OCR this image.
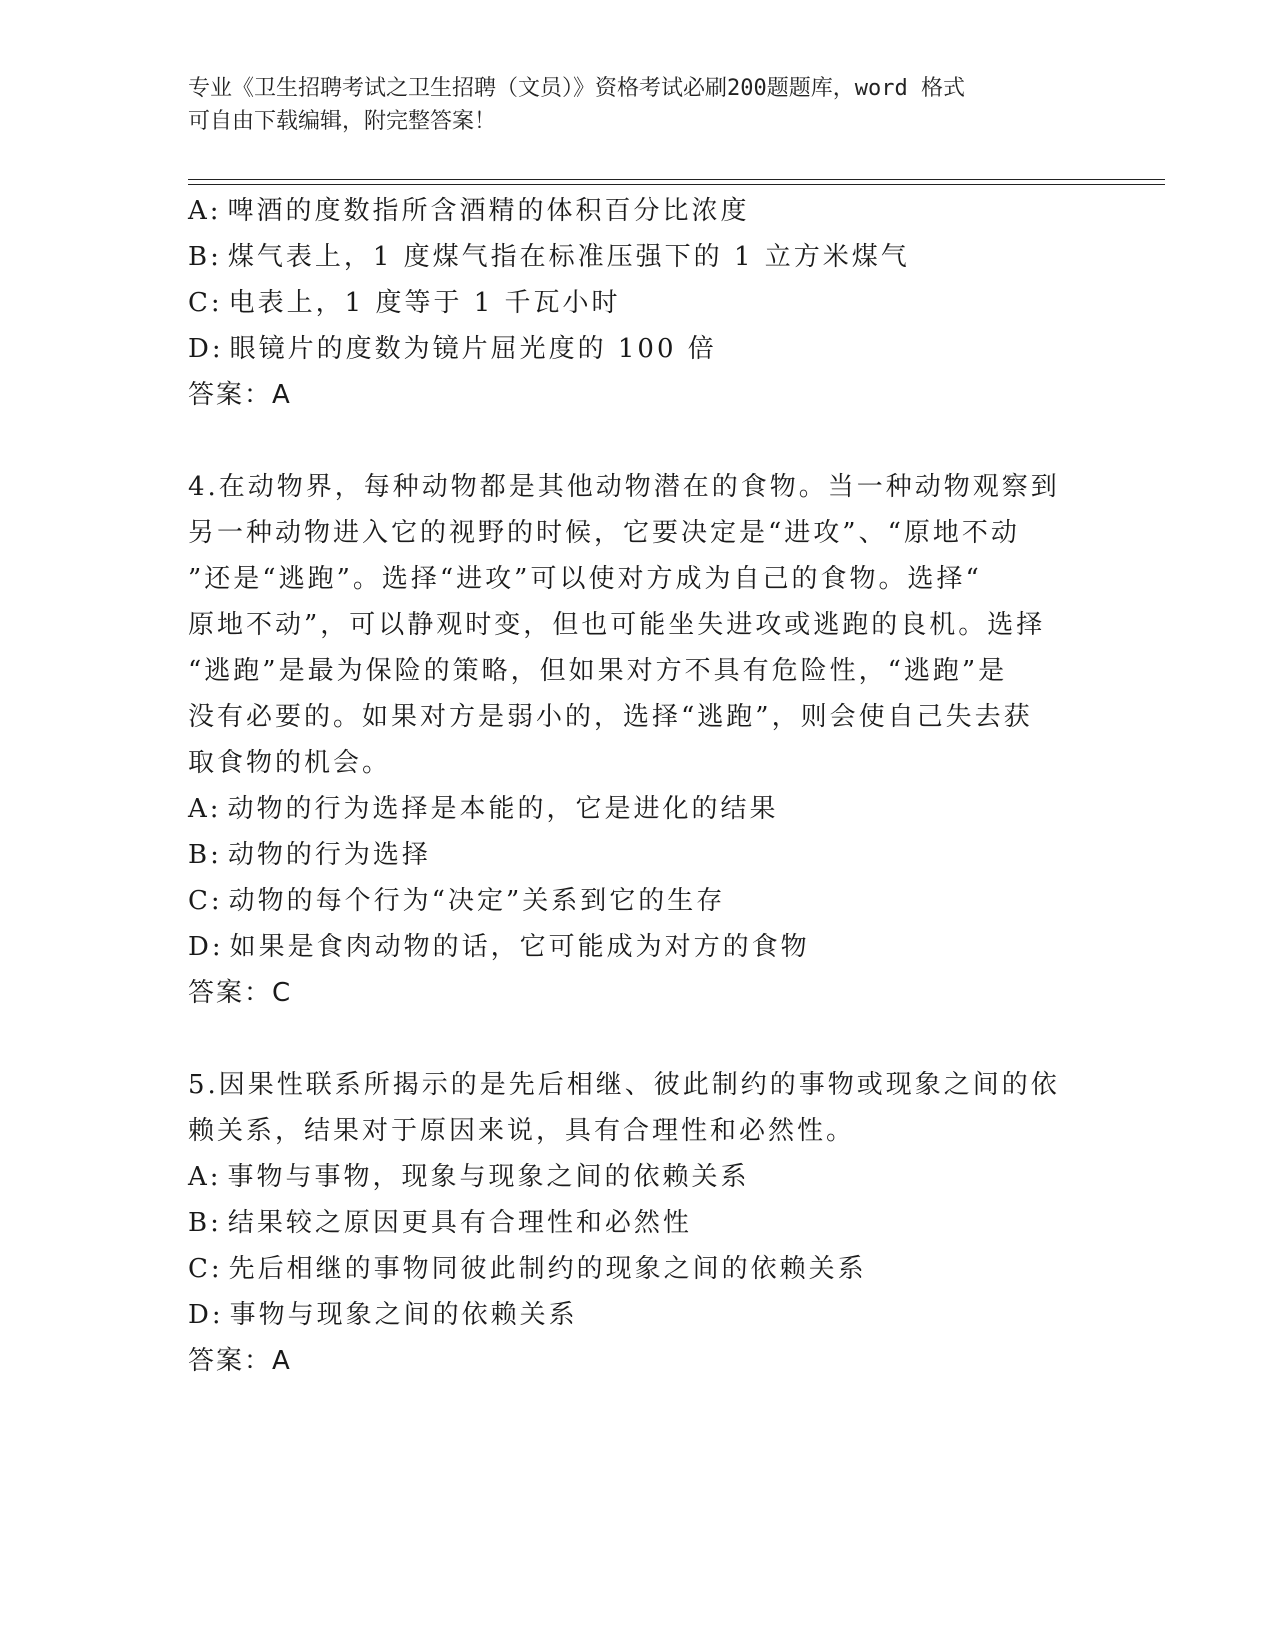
专业《卫生招聘考试之卫生招聘（文员）》资格考试必刷200题题库，word 格式
可自由下载编辑，附完整答案！
A: 啤酒的度数指所含酒精的体积百分比浓度
B: 煤气表上，1 度煤气指在标准压强下的 1 立方米煤气
C: 电表上，1 度等于 1 千瓦小时
D: 眼镜片的度数为镜片屈光度的 100 倍
答案：A
4.在动物界，每种动物都是其他动物潜在的食物。当一种动物观察到
另一种动物进入它的视野的时候，它要决定是“进攻”、“原地不动
”还是“逃跑”。选择“进攻”可以使对方成为自己的食物。选择“
原地不动”，可以静观时变，但也可能坐失进攻或逃跑的良机。选择
“逃跑”是最为保险的策略，但如果对方不具有危险性，“逃跑”是
没有必要的。如果对方是弱小的，选择“逃跑”，则会使自己失去获
取食物的机会。
A: 动物的行为选择是本能的，它是进化的结果
B: 动物的行为选择
C: 动物的每个行为“决定”关系到它的生存
D: 如果是食肉动物的话，它可能成为对方的食物
答案：C
5.因果性联系所揭示的是先后相继、彼此制约的事物或现象之间的依
赖关系，结果对于原因来说，具有合理性和必然性。
A: 事物与事物，现象与现象之间的依赖关系
B: 结果较之原因更具有合理性和必然性
C: 先后相继的事物同彼此制约的现象之间的依赖关系
D: 事物与现象之间的依赖关系
答案：A
